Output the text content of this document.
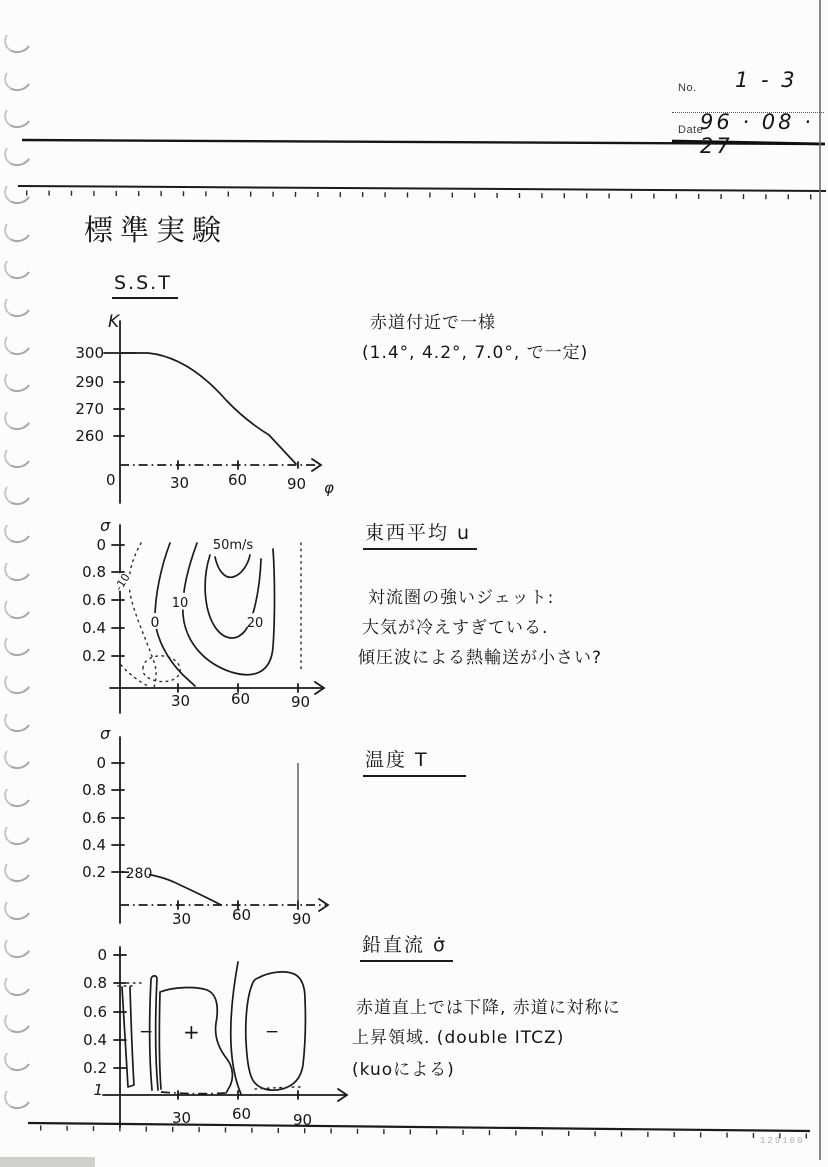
No. 1 - 3
Date
96 · 08 · 27
標準実験
S.S.T
K
300
290
270
260
0	30	60	90 φ
赤道付近で一様
(1.4°, 4.2°, 7.0°, で一定)
東西平均 u
-10
0
10
20
50m/s
σ
0
0.8
0.6
0.4
0.2
30	60	90
対流圏の強いジェット:
大気が冷えすぎている.
傾圧波による熱輸送が小さい?
温度 T
280
σ
0
0.8
0.6
0.4
0.2
30	60	90
鉛直流 σ̇
− +	−
0
0.8
0.6
0.4
0.2
1
30	60	90
赤道直上では下降, 赤道に対称に
上昇領域. (double ITCZ)
(kuoによる)
129160
